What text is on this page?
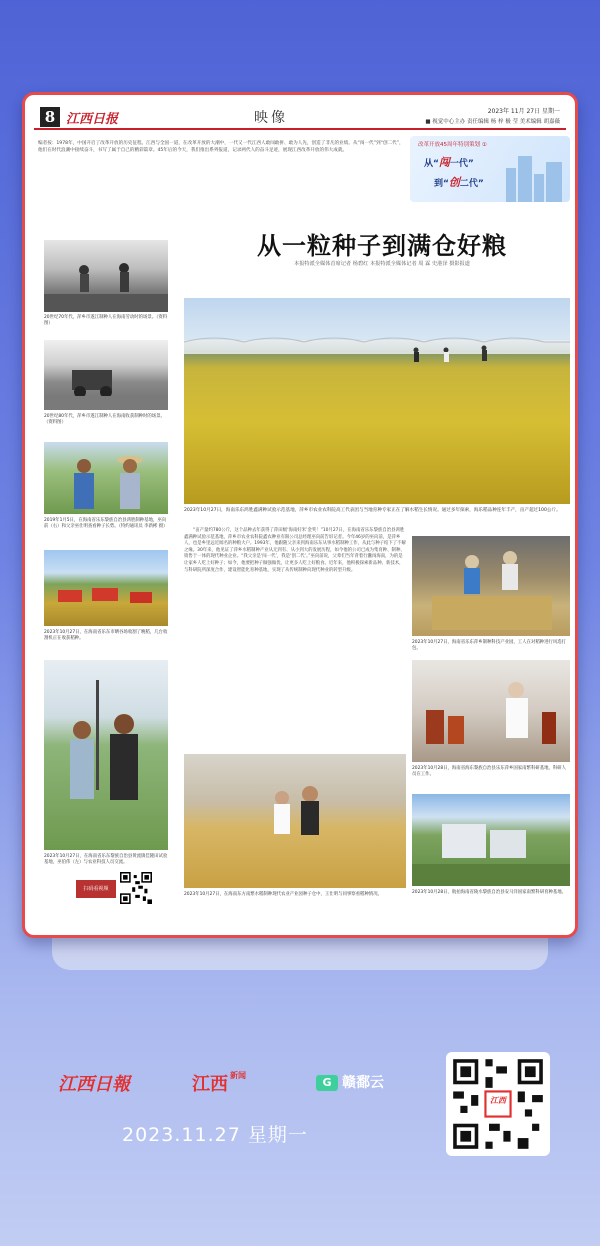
8 江西日报	映像	2023年 11月 27日 星期一
■ 视觉中心主办 责任编辑 杨 梓 极 莹 美术编辑 胡嘉薇
编者按：1978年，中国开启了改革开放的历史征程。江西与全国一道，在改革开放的大潮中，一代又一代江西人敢闯敢拼、敢为人先，创造了非凡的业绩。从“闯一代”到“创二代”，他们在时代浪潮中接续奋斗，书写了属于自己的精彩篇章。45年后的今天，我们推出系列报道，记录两代人的奋斗足迹，展现江西改革开放的伟大成就。
改革开放45周年特别策划 ①
从“闯一代”
到“创二代”
从一粒种子到满仓好粮
本报特派全媒体首席记者 杨碧红 本报特派全媒体记者 周 霖 史港泽 摄影报道
20世纪70年代，萍乡市遂江制种人在海南劳动时的场景。（资料图）
20世纪80年代，萍乡市遂江制种人在海南收获制种时的场景。（资料图）
2019年1月5日，在海南省乐东黎族自治县鸿胜制种基地，巫向前（右）和父亲巫仕明查看种子长势。（特约通讯员 李新彬 摄）
2023年10月27日，在海南省乐东市晒谷场收割了晚稻，几台收割机正在收获稻种。
2023年10月27日，在海南省乐东黎族自治县黄流镇佳隆田试验基地，巫伯伟（左）与农业科技人员交流。
扫码看视频
2023年10月27日，海南乐东鸿胜鑫满种试验示范基地，萍乡市农业农科院高工代表团与当地育种专家正在了解水稻生长情况。通过多年探索，海乐稻品种连年丰产，亩产超过100公斤。
“亩产量约780公斤，这个品种去年获得了萍田级‘海南好米’金奖！”10月27日，在海南省乐东黎族自治县鸿胜鑫满种试验示范基地，萍乡市农业农科院鑫农种业有限公司总经理巫向前告诉记者。今年46岁的巫向前，是萍乡人，也是乡里远近闻名的种粮大户。1993年，他跟随父亲来到海南乐东从事水稻制种工作，从此与种子结下了不解之缘。30年来，他见证了萍乡水稻制种产业从无到有、从小到大的发展历程，如今他的公司已成为集育种、制种、销售于一体的现代种业企业。“我父亲是‘闯一代’，我是‘创二代’。”巫向前说，父辈们当年背着行囊闯海南，为的是让家乡人吃上好种子；如今，他要把种子做强做优，让更多人吃上好粮食。近年来，他积极探索新品种、新技术，与科研院所深度合作，建设智能化育种基地，实现了从传统制种向现代种业的转型升级。
2023年10月27日，海南省乐东萍乡制种科技产业园，工人在对稻种进行风选打包。
2023年10月28日，海南省海东黎族自治县乐东萍乡国家南繁科研基地，科研人员在工作。
2023年10月28日，航拍海南省陵水黎族自治县安马洋国家南繁科研育种基地。
2023年10月27日，在海南东方南繁水稻制种现代农业产业园种子仓中，王仕明与同事察看稻种情况。
江西日報	江西 $^{新闻}$
G 赣鄱云
2023.11.27 星期一
江西
